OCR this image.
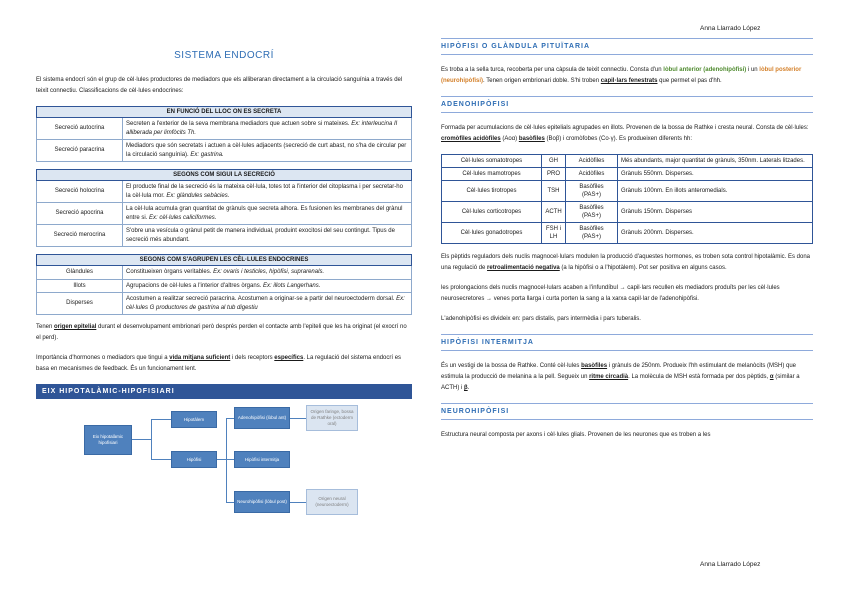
Anna Llarrado López
SISTEMA ENDOCRÍ

El sistema endocrí són el grup de cèl·lules productores de mediadors que els alliberaran directament a la circulació sanguínia a través del teixit connectiu. Classificacions de cèl·lules endocrines:

EN FUNCIÓ DEL LLOC ON ES SECRETA	
Secreció autocrina	Secreten a l'exterior de la seva membrana mediadors que actuen sobre si mateixes. Ex: interleucina II alliberada per limfòcits Th.
Secreció paracrina	Mediadors que són secretats i actuen a cèl·lules adjacents (secreció de curt abast, no s'ha de circular per la circulació sanguínia). Ex: gastrina.
SEGONS COM SIGUI LA SECRECIÓ	
Secreció holocrina	El producte final de la secreció és la mateixa cèl·lula, totes tot a l'interior del citoplasma i per secretar-ho la cèl·lula mor. Ex: glàndules sebàcies.
Secreció apocrina	La cèl·lula acumula gran quantitat de grànuls que secreta alhora. Es fusionen les membranes del grànul entre si. Ex: cèl·lules caliciformes.
Secreció merocrina	S'obre una vesícula o grànul petit de manera individual, produint exocitosi del seu contingut. Tipus de secreció més abundant.
SEGONS COM S'AGRUPEN LES CÈL·LULES ENDOCRINES	
Glàndules	Constitueixen òrgans veritables. Ex: ovaris i testicles, hipòfisi, suprarenals.
Illots	Agrupacions de cèl·lules a l'interior d'altres òrgans. Ex: illots Langerhans.
Disperses	Acostumen a realitzar secreció paracrina. Acostumen a originar-se a partir del neuroectoderm dorsal. Ex: cèl·lules G productores de gastrina al tub digestiu

Tenen origen epitelial durant el desenvolupament embrionari però després perden el contacte amb l'epiteli que les ha originat (el exocrí no el perd).

Importància d'hormones o mediadors que tingui a vida mitjana suficient i dels receptors específics. La regulació del sistema endocrí es basa en mecanismes de feedback. És un funcionament lent.

EIX HIPOTALÀMIC-HIPOFISIARI
Eix hipotalàmic hipofisiari
Hipotàlem
Hipòfisi
Adenohipòfisi (lòbul ant)
Hipòfisi intermitja
Neurohipòfisi (lòbul post)
Origen faringe, bossa de Rathke (ectoderm oral)
Origen neural (neuroectoderm)
HIPÒFISI O GLÀNDULA PITUÏTARIA

Es troba a la sella turca, recoberta per una càpsula de teixit connectiu. Consta d'un lòbul anterior (adenohipòfisi) i un lòbul posterior (neurohipòfisi). Tenen origen embrionari doble. S'hi troben capil·lars fenestrats que permet el pas d'hh.

ADENOHIPÒFISI

Formada per acumulacions de cèl·lules epitelials agrupades en illots. Provenen de la bossa de Rathke i cresta neural. Consta de cèl·lules: cromòfiles acidòfiles (Aoα) basòfiles (Boβ) i cromòfobes (Co·γ). Es produeixen diferents hh:

Cèl·lules somatotropes	GH	Acidòfiles	Més abundants, major quantitat de grànuls, 350nm. Laterals litzades.
Cèl·lules mamotropes	PRO	Acidòfiles	Grànuls 550nm. Disperses.
Cèl·lules tirotropes	TSH	Basòfiles (PAS+)	Grànuls 100nm. En illots anteromedials.
Cèl·lules corticotropes	ACTH	Basòfiles (PAS+)	Grànuls 150nm. Disperses
Cèl·lules gonadotropes	FSH i LH	Basòfiles (PAS+)	Grànuls 200nm. Disperses.

Els pèptids reguladors dels nuclis magnocel·lulars modulen la producció d'aquestes hormones, es troben sota control hipotalàmic. Es dona una regulació de retroalimentació negativa (a la hipòfisi o a l'hipotàlem). Pot ser positiva en alguns casos.

les prolongacions dels nuclis magnocel·lulars acaben a l'infundíbul → capil·lars recullen els mediadors produïts per les cèl·lules neurosecretores → venes porta llarga i curta porten la sang a la xarxa capil·lar de l'adenohipòfisi.

L'adenohipòfisi es divideix en: pars distalis, pars intermèdia i pars tuberalis.

HIPÒFISI INTERMITJA

És un vestigi de la bossa de Rathke. Conté cèl·lules basòfiles i grànuls de 250nm. Produeix l'hh estimulant de melanòcits (MSH) que estimula la producció de melanina a la pell. Segueix un ritme circadià. La molècula de MSH està formada per dos pèptids, α (similar a ACTH) i β.

NEUROHIPÒFISI

Estructura neural composta per axons i cèl·lules glials. Provenen de les neurones que es troben a les

Anna Llarrado López
